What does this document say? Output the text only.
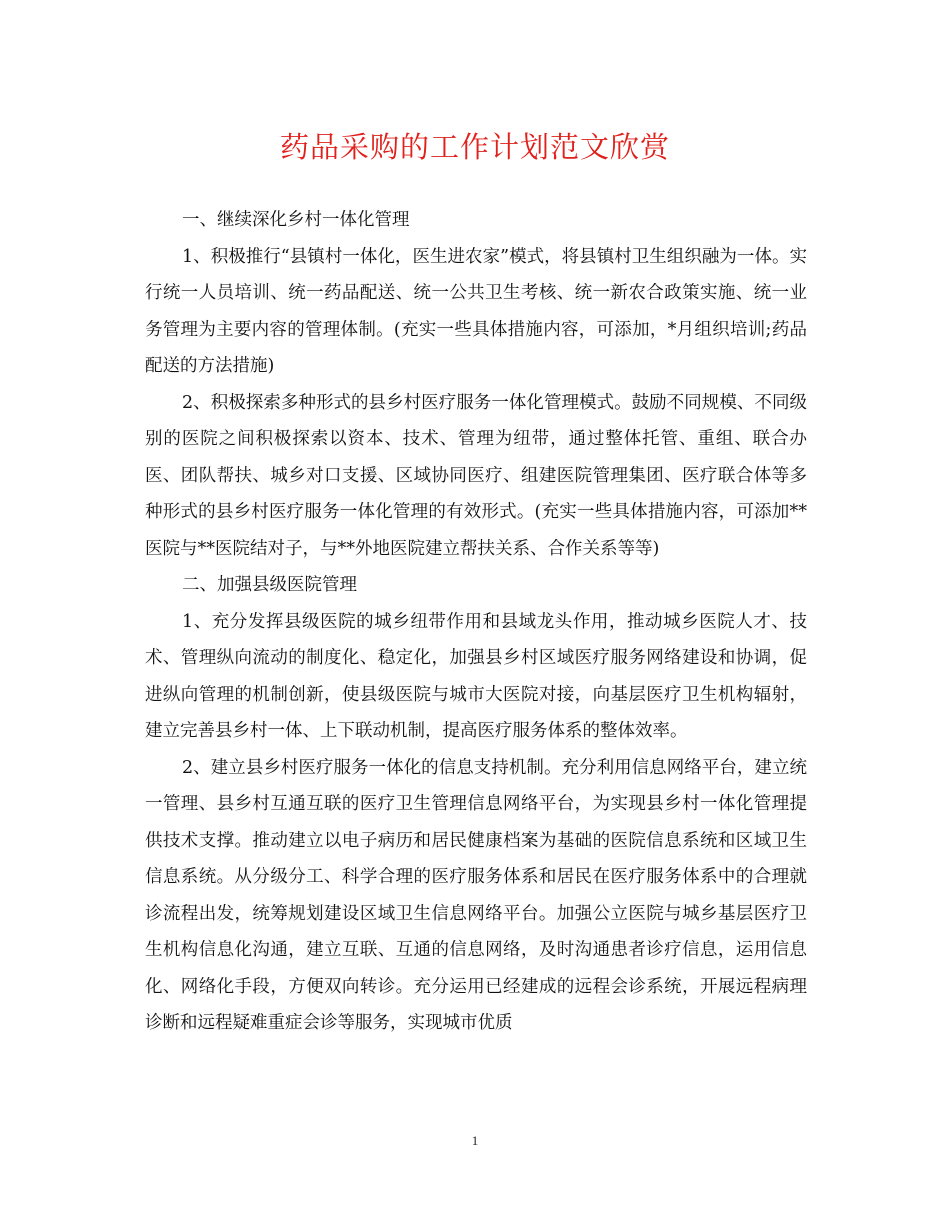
药品采购的工作计划范文欣赏

一、继续深化乡村一体化管理

1、积极推行“县镇村一体化，医生进农家”模式，将县镇村卫生组织融为一体。实行统一人员培训、统一药品配送、统一公共卫生考核、统一新农合政策实施、统一业务管理为主要内容的管理体制。(充实一些具体措施内容，可添加，*月组织培训;药品配送的方法措施)

2、积极探索多种形式的县乡村医疗服务一体化管理模式。鼓励不同规模、不同级别的医院之间积极探索以资本、技术、管理为纽带，通过整体托管、重组、联合办医、团队帮扶、城乡对口支援、区域协同医疗、组建医院管理集团、医疗联合体等多种形式的县乡村医疗服务一体化管理的有效形式。(充实一些具体措施内容，可添加**医院与**医院结对子，与**外地医院建立帮扶关系、合作关系等等)

二、加强县级医院管理

1、充分发挥县级医院的城乡纽带作用和县域龙头作用，推动城乡医院人才、技术、管理纵向流动的制度化、稳定化，加强县乡村区域医疗服务网络建设和协调，促进纵向管理的机制创新，使县级医院与城市大医院对接，向基层医疗卫生机构辐射，建立完善县乡村一体、上下联动机制，提高医疗服务体系的整体效率。

2、建立县乡村医疗服务一体化的信息支持机制。充分利用信息网络平台，建立统一管理、县乡村互通互联的医疗卫生管理信息网络平台，为实现县乡村一体化管理提供技术支撑。推动建立以电子病历和居民健康档案为基础的医院信息系统和区域卫生信息系统。从分级分工、科学合理的医疗服务体系和居民在医疗服务体系中的合理就诊流程出发，统筹规划建设区域卫生信息网络平台。加强公立医院与城乡基层医疗卫生机构信息化沟通，建立互联、互通的信息网络，及时沟通患者诊疗信息，运用信息化、网络化手段，方便双向转诊。充分运用已经建成的远程会诊系统，开展远程病理诊断和远程疑难重症会诊等服务，实现城市优质

1
